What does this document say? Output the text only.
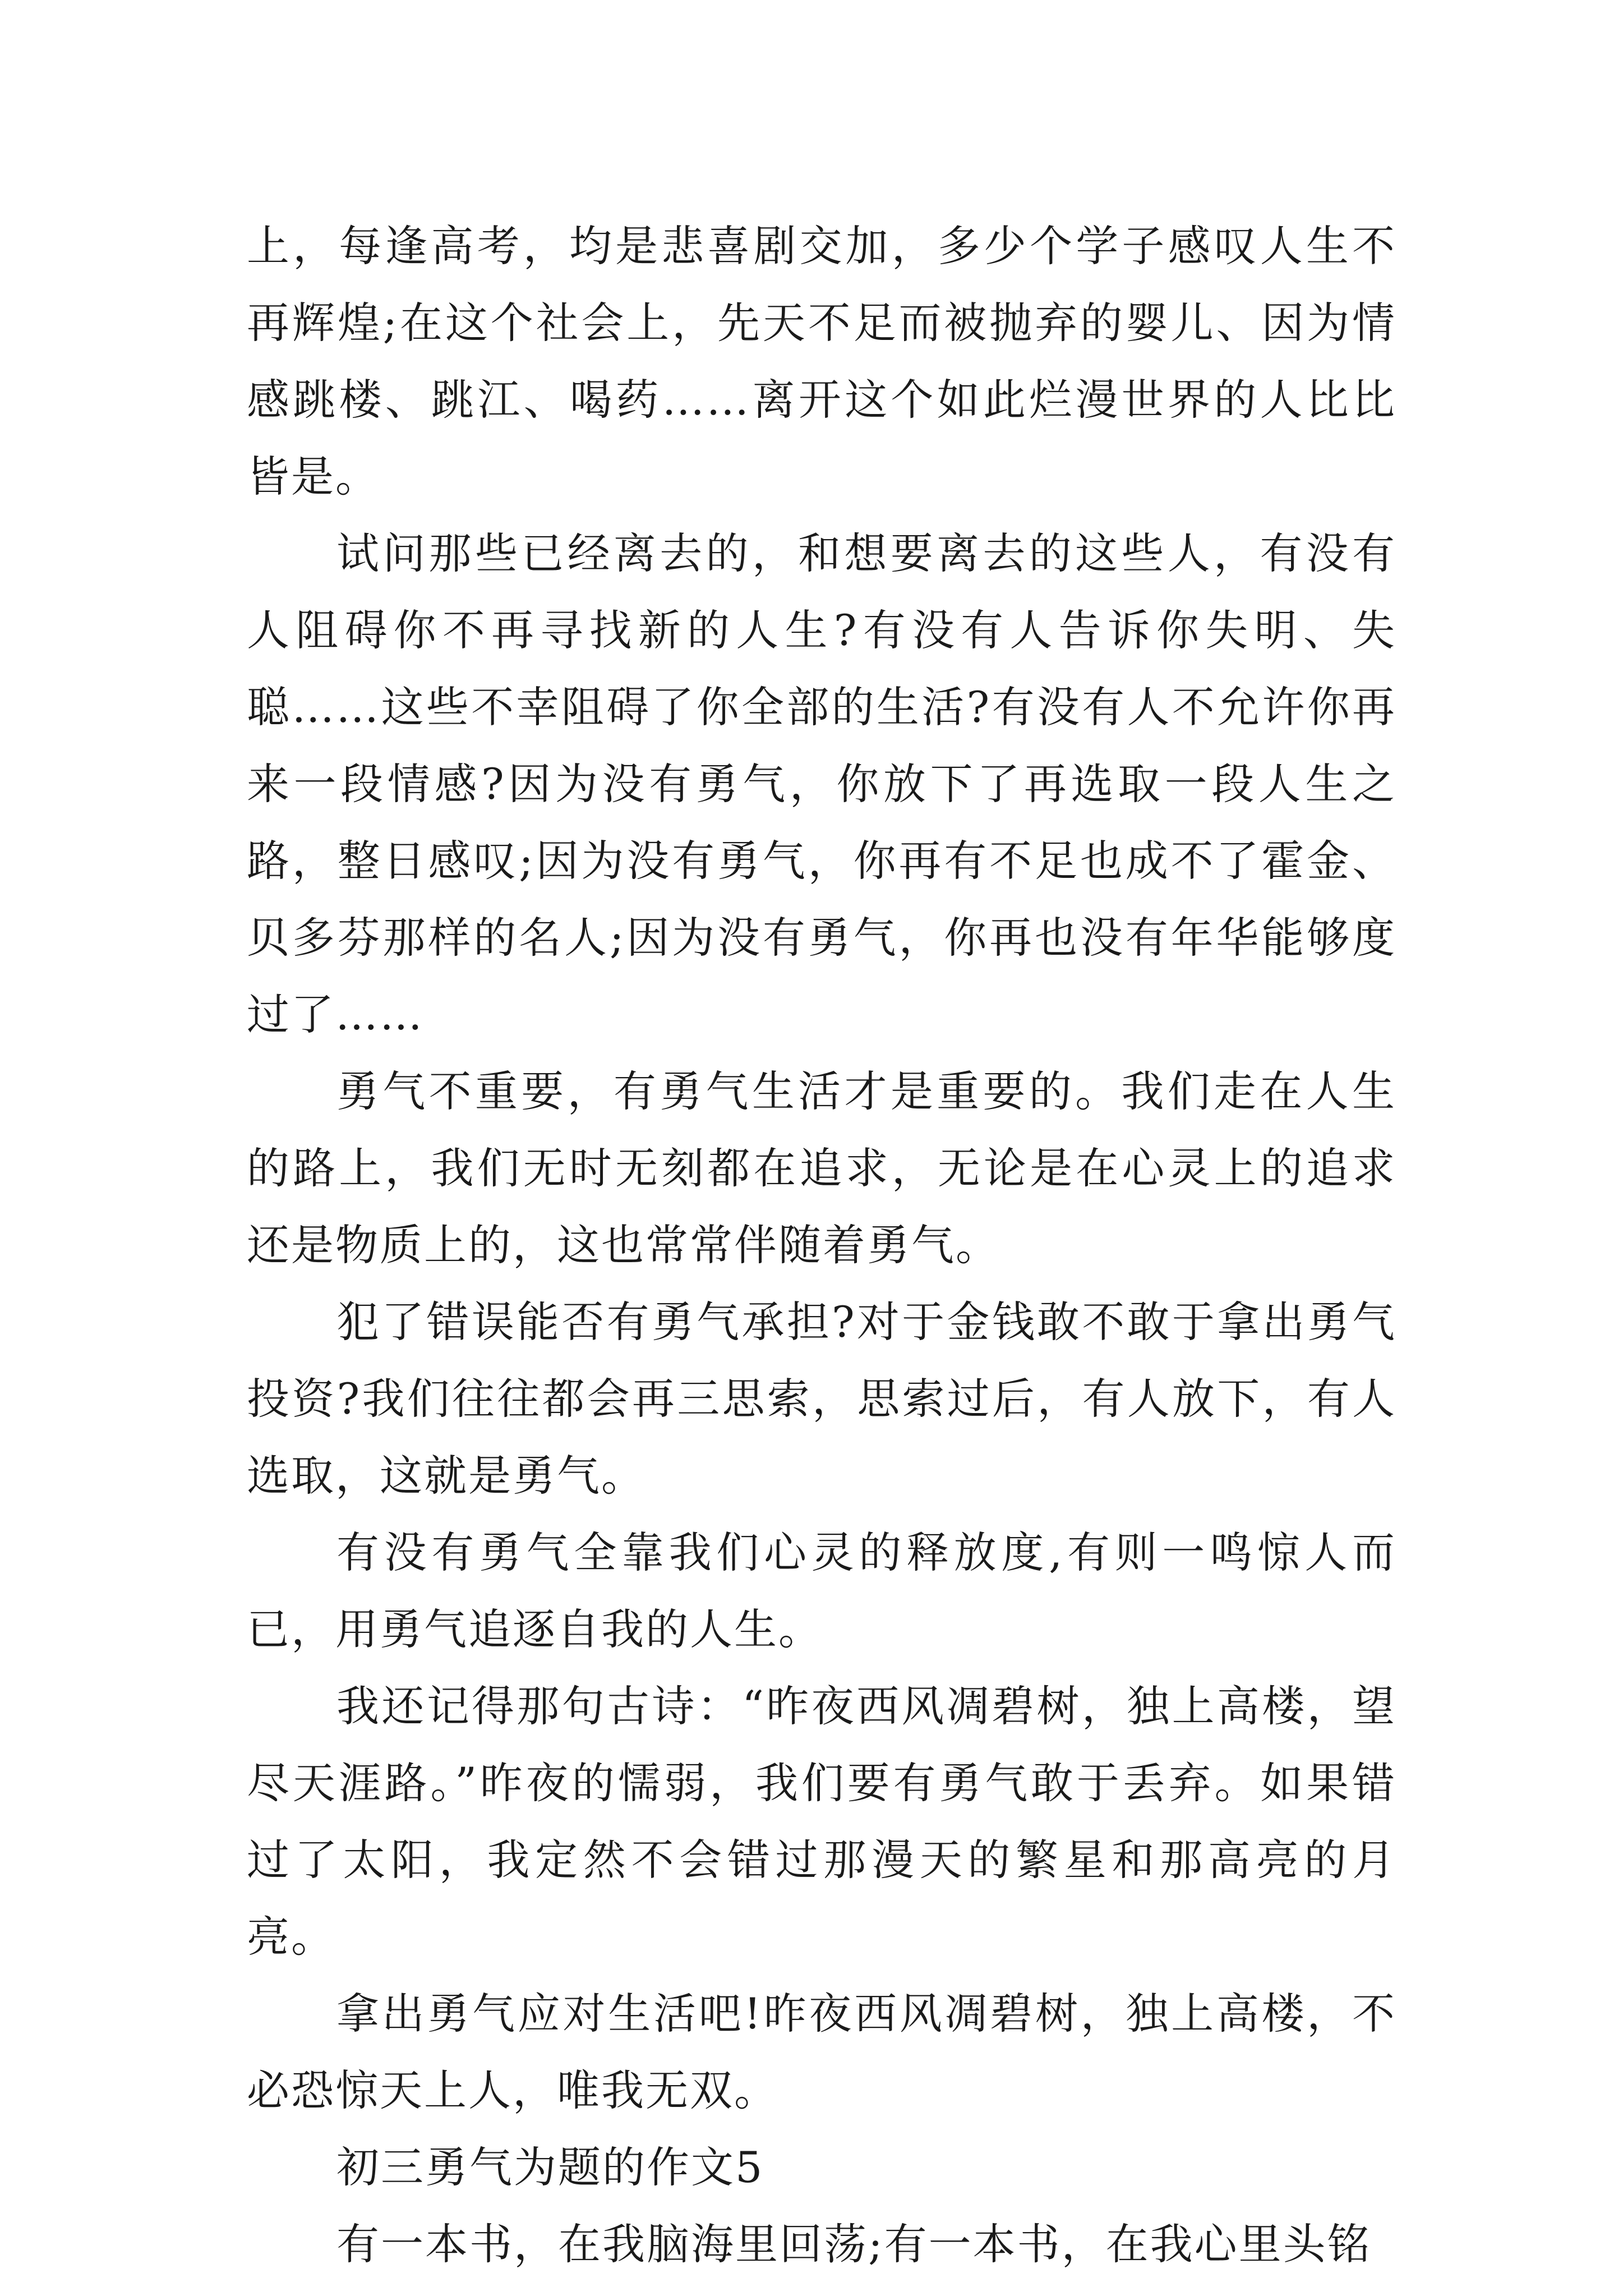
上，每逢高考，均是悲喜剧交加，多少个学子感叹人生不再辉煌;在这个社会上，先天不足而被抛弃的婴儿、因为情感跳楼、跳江、喝药……离开这个如此烂漫世界的人比比皆是。

试问那些已经离去的，和想要离去的这些人，有没有人阻碍你不再寻找新的人生?有没有人告诉你失明、失聪……这些不幸阻碍了你全部的生活?有没有人不允许你再来一段情感?因为没有勇气，你放下了再选取一段人生之路，整日感叹;因为没有勇气，你再有不足也成不了霍金、贝多芬那样的名人;因为没有勇气，你再也没有年华能够度过了……

勇气不重要，有勇气生活才是重要的。我们走在人生的路上，我们无时无刻都在追求，无论是在心灵上的追求还是物质上的，这也常常伴随着勇气。

犯了错误能否有勇气承担?对于金钱敢不敢于拿出勇气投资?我们往往都会再三思索，思索过后，有人放下，有人选取，这就是勇气。

有没有勇气全靠我们心灵的释放度,有则一鸣惊人而已，用勇气追逐自我的人生。

我还记得那句古诗：“昨夜西风凋碧树，独上高楼，望尽天涯路。”昨夜的懦弱，我们要有勇气敢于丢弃。如果错过了太阳，我定然不会错过那漫天的繁星和那高亮的月亮。

拿出勇气应对生活吧!昨夜西风凋碧树，独上高楼，不必恐惊天上人，唯我无双。

初三勇气为题的作文5

有一本书，在我脑海里回荡;有一本书，在我心里头铭
